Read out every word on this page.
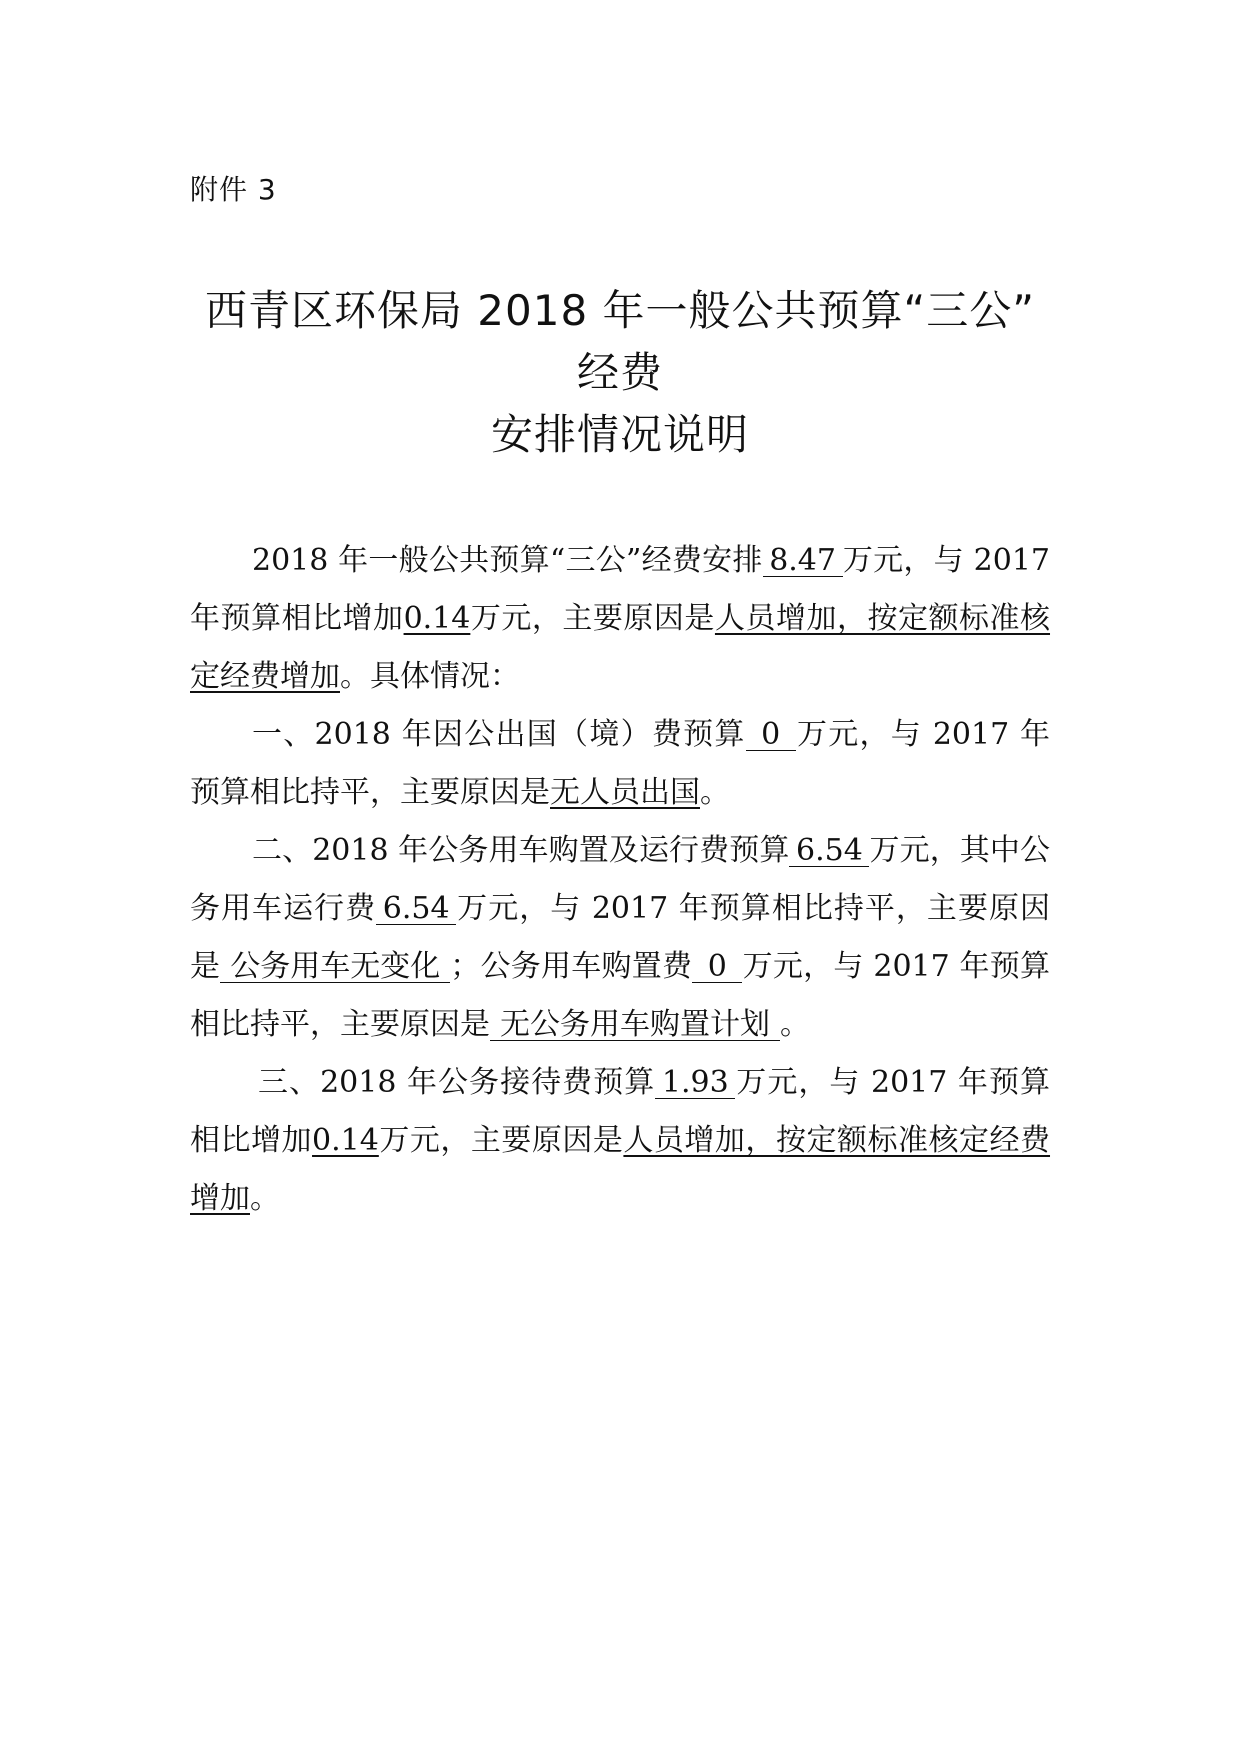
附件 3
西青区环保局 2018 年一般公共预算“三公”
经费
安排情况说明

2018 年一般公共预算“三公”经费安排 8.47 万元，与 2017 年预算相比增加0.14万元，主要原因是人员增加，按定额标准核定经费增加。具体情况：

一、2018 年因公出国（境）费预算 0 万元，与 2017 年预算相比持平，主要原因是无人员出国。

二、2018 年公务用车购置及运行费预算 6.54 万元，其中公务用车运行费 6.54 万元，与 2017 年预算相比持平，主要原因是 公务用车无变化 ；公务用车购置费 0 万元，与 2017 年预算相比持平，主要原因是 无公务用车购置计划 。

三、2018 年公务接待费预算 1.93 万元，与 2017 年预算相比增加0.14万元，主要原因是人员增加，按定额标准核定经费增加。
